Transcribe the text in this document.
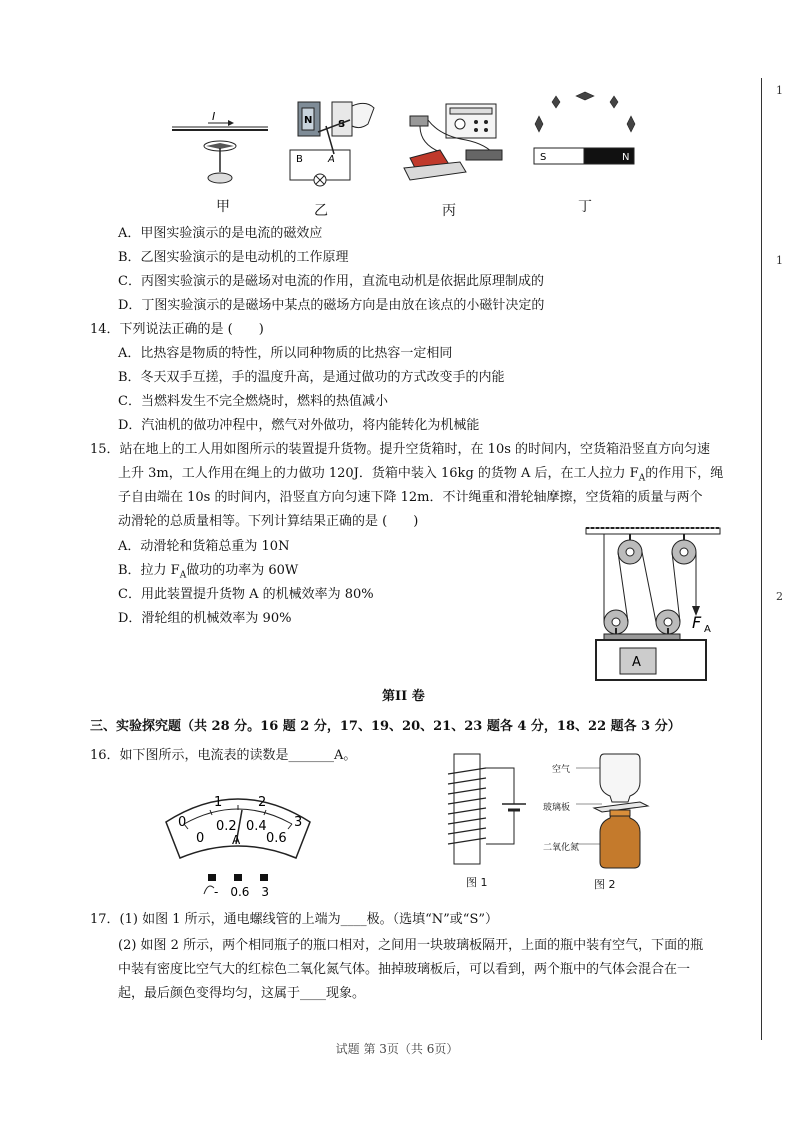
1
1
2
I
甲
N	S
B	A
乙	丙
S	N
丁
A．甲图实验演示的是电流的磁效应
B．乙图实验演示的是电动机的工作原理
C．丙图实验演示的是磁场对电流的作用，直流电动机是依据此原理制成的
D．丁图实验演示的是磁场中某点的磁场方向是由放在该点的小磁针决定的
14．下列说法正确的是 (　　)
A．比热容是物质的特性，所以同种物质的比热容一定相同
B．冬天双手互搓，手的温度升高，是通过做功的方式改变手的内能
C．当燃料发生不完全燃烧时，燃料的热值减小
D．汽油机的做功冲程中，燃气对外做功，将内能转化为机械能
15．站在地上的工人用如图所示的装置提升货物。提升空货箱时，在 10s 的时间内，空货箱沿竖直方向匀速
上升 3m，工人作用在绳上的力做功 120J．货箱中装入 16kg 的货物 A 后，在工人拉力 $F_A$的作用下，绳
子自由端在 10s 的时间内，沿竖直方向匀速下降 12m．不计绳重和滑轮轴摩擦，空货箱的质量与两个
动滑轮的总质量相等。下列计算结果正确的是 (　　)
A．动滑轮和货箱总重为 10N
B．拉力 $F_A$做功的功率为 60W
C．用此装置提升货物 A 的机械效率为 80%
D．滑轮组的机械效率为 90%	F A
A
第II 卷
三、实验探究题（共 28 分。16 题 2 分，17、19、20、21、23 题各 4 分，18、22 题各 3 分）
16．如下图所示，电流表的读数是_______A。
0
1	2
3
0
0.2 0.4
0.6
A
-　0.6　3
图 1
空气
玻璃板
二氧化氮
图 2
17．(1) 如图 1 所示，通电螺线管的上端为____极。（选填“N”或“S”）
(2) 如图 2 所示，两个相同瓶子的瓶口相对，之间用一块玻璃板隔开，上面的瓶中装有空气，下面的瓶
中装有密度比空气大的红棕色二氧化氮气体。抽掉玻璃板后，可以看到，两个瓶中的气体会混合在一
起，最后颜色变得均匀，这属于____现象。
试题 第 3页（共 6页）
